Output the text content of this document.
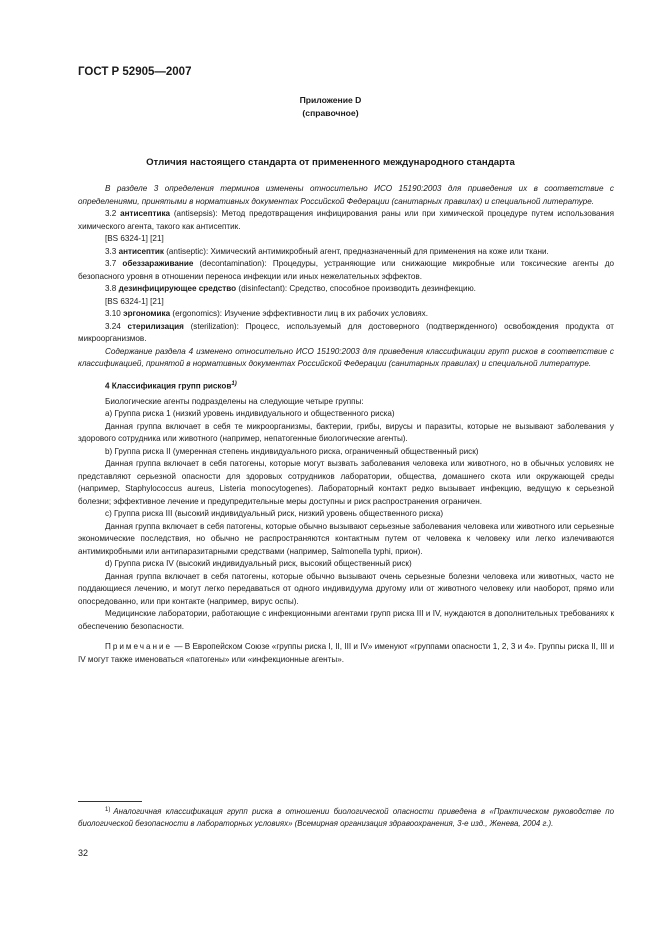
ГОСТ Р 52905—2007
Приложение D
(справочное)
Отличия настоящего стандарта от примененного международного стандарта

В разделе 3 определения терминов изменены относительно ИСО 15190:2003 для приведения их в соответствие с определениями, принятыми в нормативных документах Российской Федерации (санитарных правилах) и специальной литературе.

3.2 антисептика (antisepsis): Метод предотвращения инфицирования раны или при химической процедуре путем использования химического агента, такого как антисептик.

[BS 6324-1] [21]

3.3 антисептик (antiseptic): Химический антимикробный агент, предназначенный для применения на коже или ткани.

3.7 обеззараживание (decontamination): Процедуры, устраняющие или снижающие микробные или токсические агенты до безопасного уровня в отношении переноса инфекции или иных нежелательных эффектов.

3.8 дезинфицирующее средство (disinfectant): Средство, способное производить дезинфекцию.

[BS 6324-1] [21]

3.10 эргономика (ergonomics): Изучение эффективности лиц в их рабочих условиях.

3.24 стерилизация (sterilization): Процесс, используемый для достоверного (подтвержденного) освобождения продукта от микроорганизмов.

Содержание раздела 4 изменено относительно ИСО 15190:2003 для приведения классификации групп рисков в соответствие с классификацией, принятой в нормативных документах Российской Федерации (санитарных правилах) и специальной литературе.

4 Классификация групп рисков$^{1)}$

Биологические агенты подразделены на следующие четыре группы:

a) Группа риска 1 (низкий уровень индивидуального и общественного риска)

Данная группа включает в себя те микроорганизмы, бактерии, грибы, вирусы и паразиты, которые не вызывают заболевания у здорового сотрудника или животного (например, непатогенные биологические агенты).

b) Группа риска II (умеренная степень индивидуального риска, ограниченный общественный риск)

Данная группа включает в себя патогены, которые могут вызвать заболевания человека или животного, но в обычных условиях не представляют серьезной опасности для здоровых сотрудников лаборатории, общества, домашнего скота или окружающей среды (например, Staphylococcus aureus, Listeria monocytogenes). Лабораторный контакт редко вызывает инфекцию, ведущую к серьезной болезни; эффективное лечение и предупредительные меры доступны и риск распространения ограничен.

c) Группа риска III (высокий индивидуальный риск, низкий уровень общественного риска)

Данная группа включает в себя патогены, которые обычно вызывают серьезные заболевания человека или животного или серьезные экономические последствия, но обычно не распространяются контактным путем от человека к человеку или легко излечиваются антимикробными или антипаразитарными средствами (например, Salmonella typhi, прион).

d) Группа риска IV (высокий индивидуальный риск, высокий общественный риск)

Данная группа включает в себя патогены, которые обычно вызывают очень серьезные болезни человека или животных, часто не поддающиеся лечению, и могут легко передаваться от одного индивидуума другому или от животного человеку или наоборот, прямо или опосредованно, или при контакте (например, вирус оспы).

Медицинские лаборатории, работающие с инфекционными агентами групп риска III и IV, нуждаются в дополнительных требованиях к обеспечению безопасности.

Примечание — В Европейском Союзе «группы риска I, II, III и IV» именуют «группами опасности 1, 2, 3 и 4». Группы риска II, III и IV могут также именоваться «патогены» или «инфекционные агенты».

$^{1)}$ Аналогичная классификация групп риска в отношении биологической опасности приведена в «Практическом руководстве по биологической безопасности в лабораторных условиях» (Всемирная организация здравоохранения, 3-е изд., Женева, 2004 г.).
32
